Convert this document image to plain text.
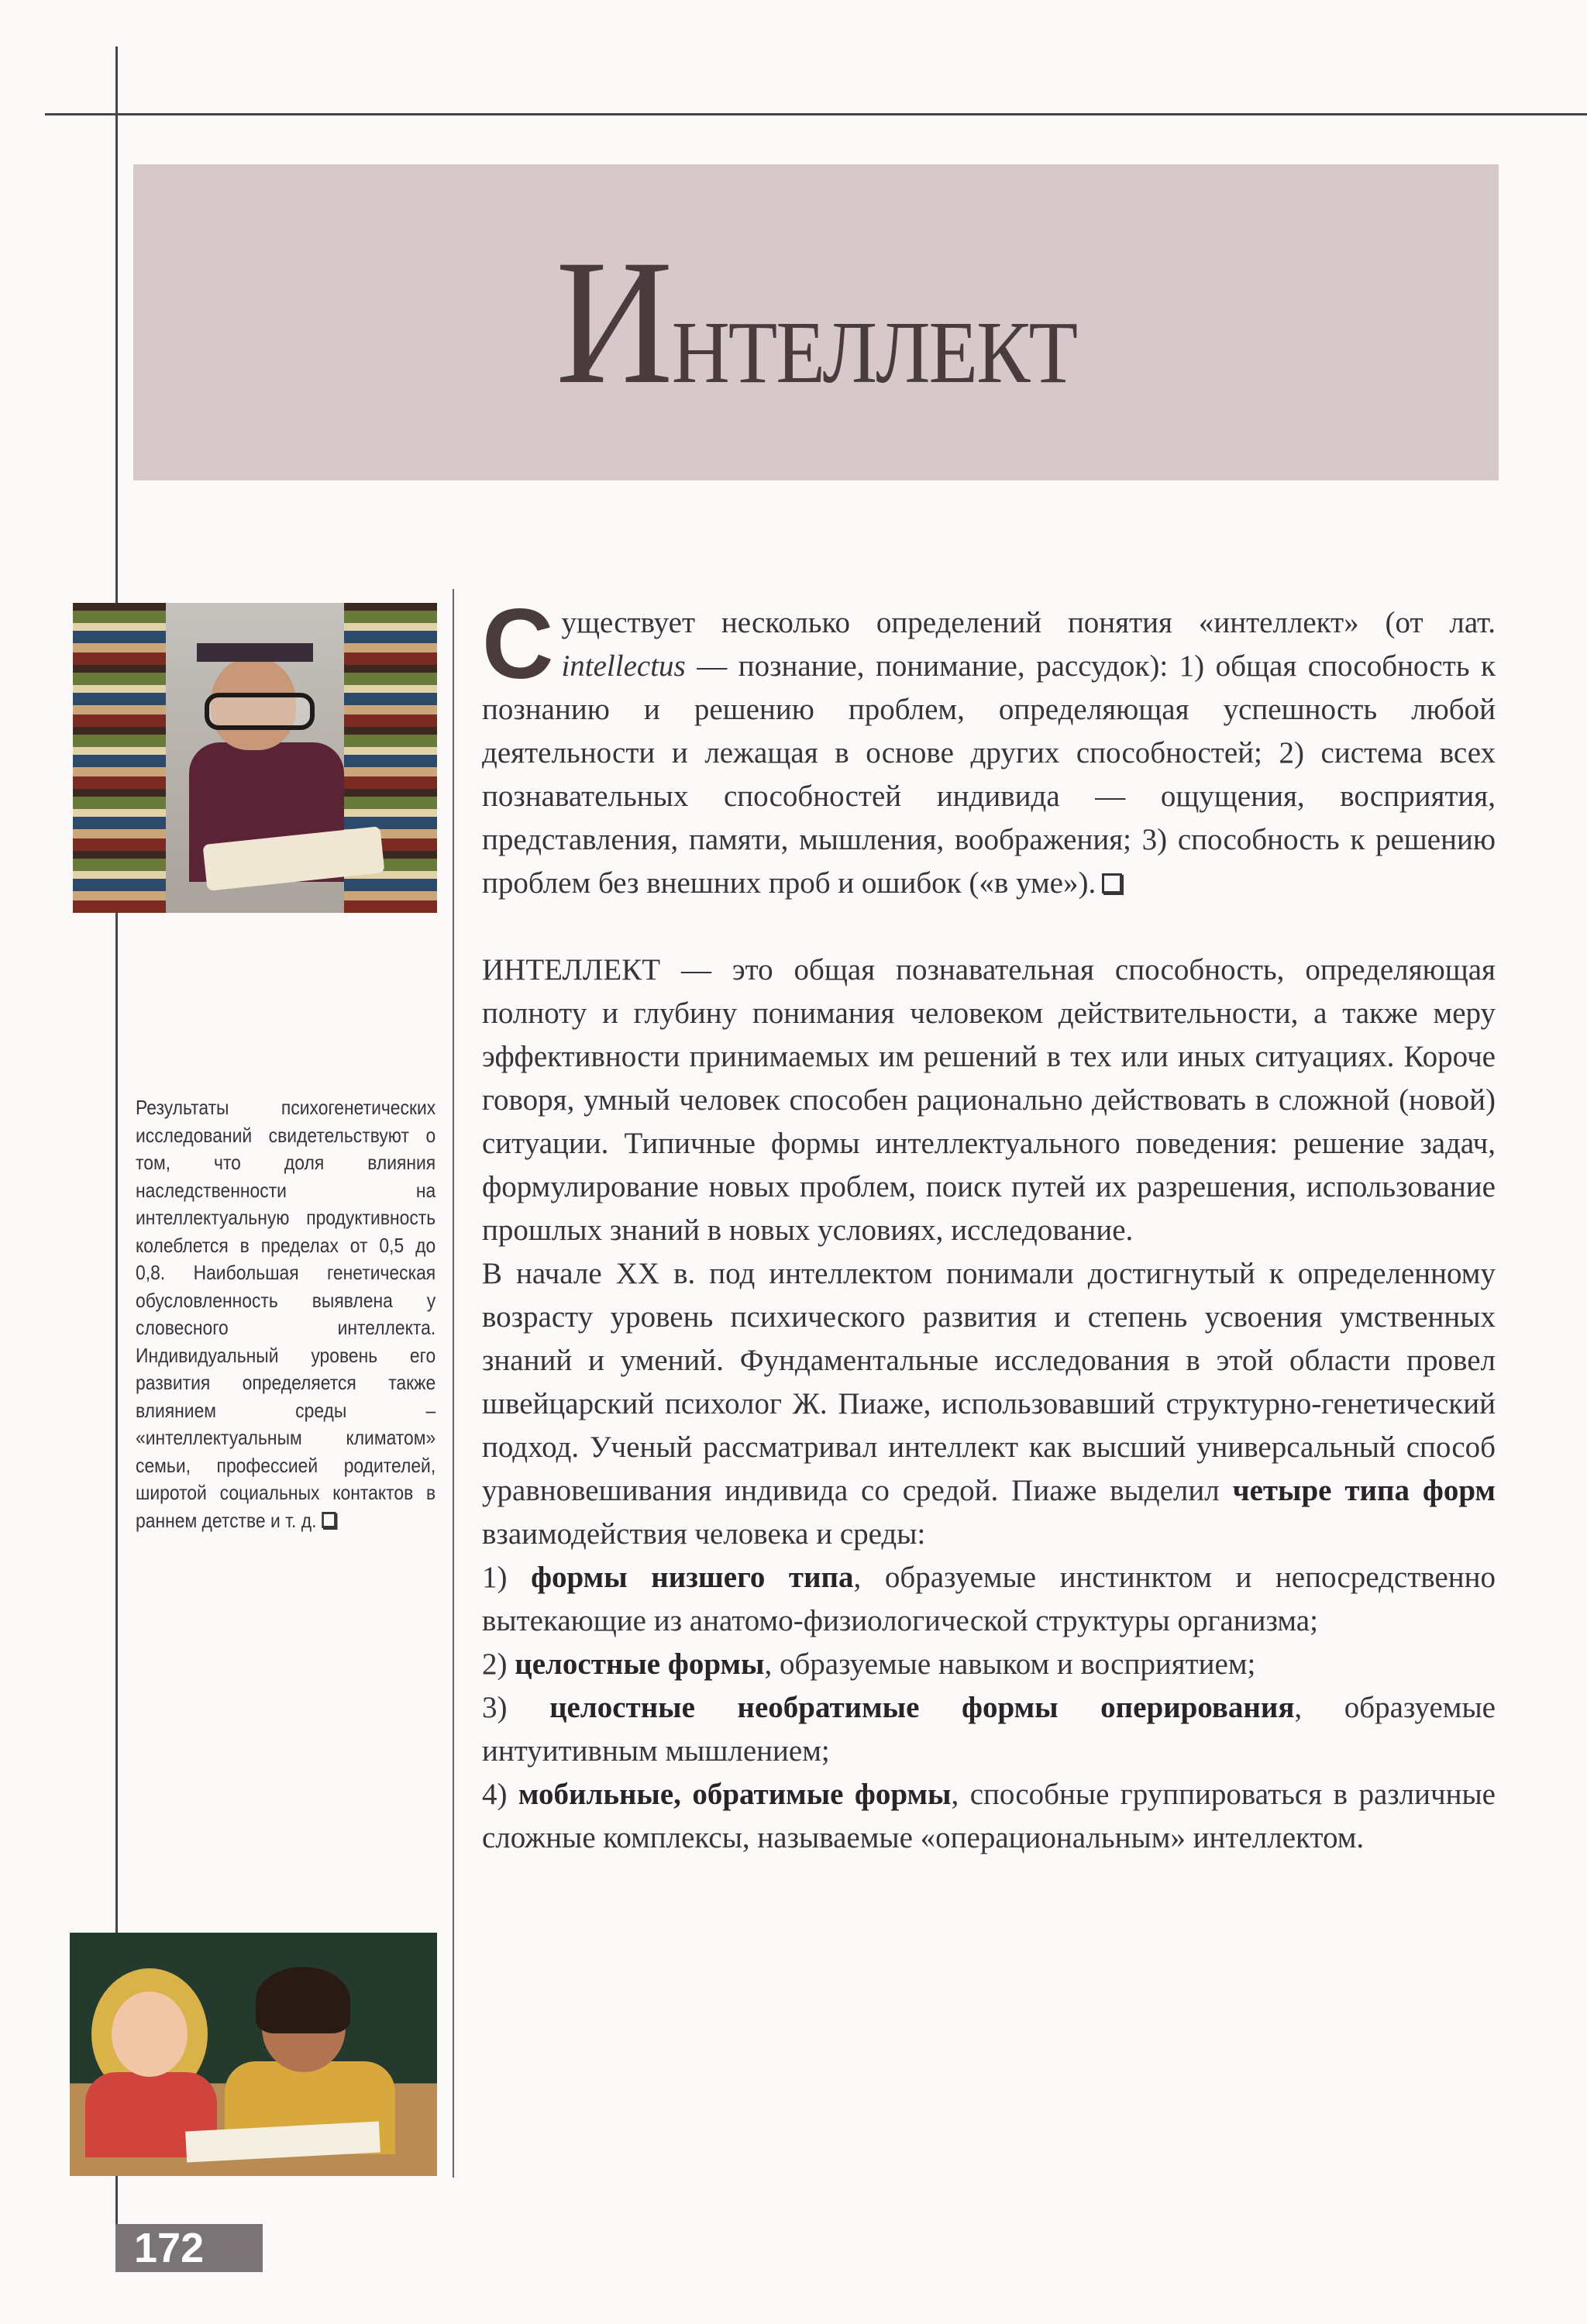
Интеллект
Результаты психогенетических исследований свидетельствуют о том, что доля влияния наследственности на интеллектуальную продуктивность колеблется в пределах от 0,5 до 0,8. Наибольшая генетическая обусловленность выявлена у словесного интеллекта. Индивидуальный уровень его развития определяется также влиянием среды – «интеллектуальным климатом» семьи, профессией родителей, широтой социальных контактов в раннем детстве и т. д.

Существует несколько определений понятия «интеллект» (от лат. intellectus — познание, понимание, рассудок): 1) общая способность к познанию и решению проблем, определяющая успешность любой деятельности и лежащая в основе других способностей; 2) система всех познавательных способностей индивида — ощущения, восприятия, представления, памяти, мышления, воображения; 3) способность к решению проблем без внешних проб и ошибок («в уме»).

ИНТЕЛЛЕКТ — это общая познавательная способность, определяющая полноту и глубину понимания человеком действительности, а также меру эффективности принимаемых им решений в тех или иных ситуациях. Короче говоря, умный человек способен рационально действовать в сложной (новой) ситуации. Типичные формы интеллектуального поведения: решение задач, формулирование новых проблем, поиск путей их разрешения, использование прошлых знаний в новых условиях, исследование.

В начале XX в. под интеллектом понимали достигнутый к определенному возрасту уровень психического развития и степень усвоения умственных знаний и умений. Фундаментальные исследования в этой области провел швейцарский психолог Ж. Пиаже, использовавший структурно-генетический подход. Ученый рассматривал интеллект как высший универсальный способ уравновешивания индивида со средой. Пиаже выделил четыре типа форм взаимодействия человека и среды:

1) формы низшего типа, образуемые инстинктом и непосредственно вытекающие из анатомо-физиологической структуры организма;

2) целостные формы, образуемые навыком и восприятием;

3) целостные необратимые формы оперирования, образуемые интуитивным мышлением;

4) мобильные, обратимые формы, способные группироваться в различные сложные комплексы, называемые «операциональным» интеллектом.

172
